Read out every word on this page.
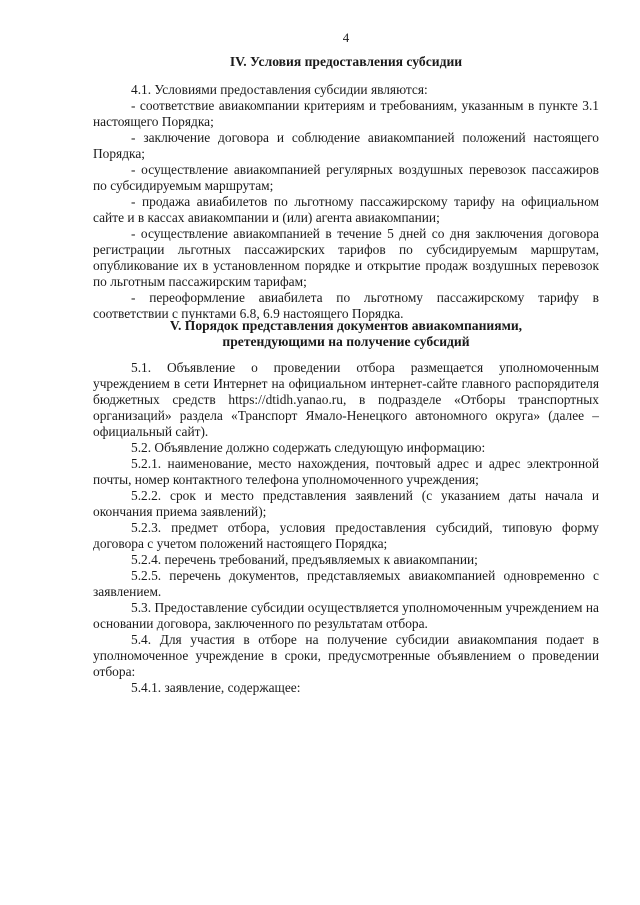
4
IV. Условия предоставления субсидии

4.1. Условиями предоставления субсидии являются:

- соответствие авиакомпании критериям и требованиям, указанным в пункте 3.1 настоящего Порядка;

- заключение договора и соблюдение авиакомпанией положений настоящего Порядка;

- осуществление авиакомпанией регулярных воздушных перевозок пассажиров по субсидируемым маршрутам;

- продажа авиабилетов по льготному пассажирскому тарифу на официальном сайте и в кассах авиакомпании и (или) агента авиакомпании;

- осуществление авиакомпанией в течение 5 дней со дня заключения договора регистрации льготных пассажирских тарифов по субсидируемым маршрутам, опубликование их в установленном порядке и открытие продаж воздушных перевозок по льготным пассажирским тарифам;

- переоформление авиабилета по льготному пассажирскому тарифу в соответствии с пунктами 6.8, 6.9 настоящего Порядка.

V. Порядок представления документов авиакомпаниями,
претендующими на получение субсидий

5.1. Объявление о проведении отбора размещается уполномоченным учреждением в сети Интернет на официальном интернет-сайте главного распорядителя бюджетных средств https://dtidh.yanao.ru, в подразделе «Отборы транспортных организаций» раздела «Транспорт Ямало-Ненецкого автономного округа» (далее – официальный сайт).

5.2. Объявление должно содержать следующую информацию:

5.2.1. наименование, место нахождения, почтовый адрес и адрес электронной почты, номер контактного телефона уполномоченного учреждения;

5.2.2. срок и место представления заявлений (с указанием даты начала и окончания приема заявлений);

5.2.3. предмет отбора, условия предоставления субсидий, типовую форму договора с учетом положений настоящего Порядка;

5.2.4. перечень требований, предъявляемых к авиакомпании;

5.2.5. перечень документов, представляемых авиакомпанией одновременно с заявлением.

5.3. Предоставление субсидии осуществляется уполномоченным учреждением на основании договора, заключенного по результатам отбора.

5.4. Для участия в отборе на получение субсидии авиакомпания подает в уполномоченное учреждение в сроки, предусмотренные объявлением о проведении отбора:

5.4.1. заявление, содержащее:
